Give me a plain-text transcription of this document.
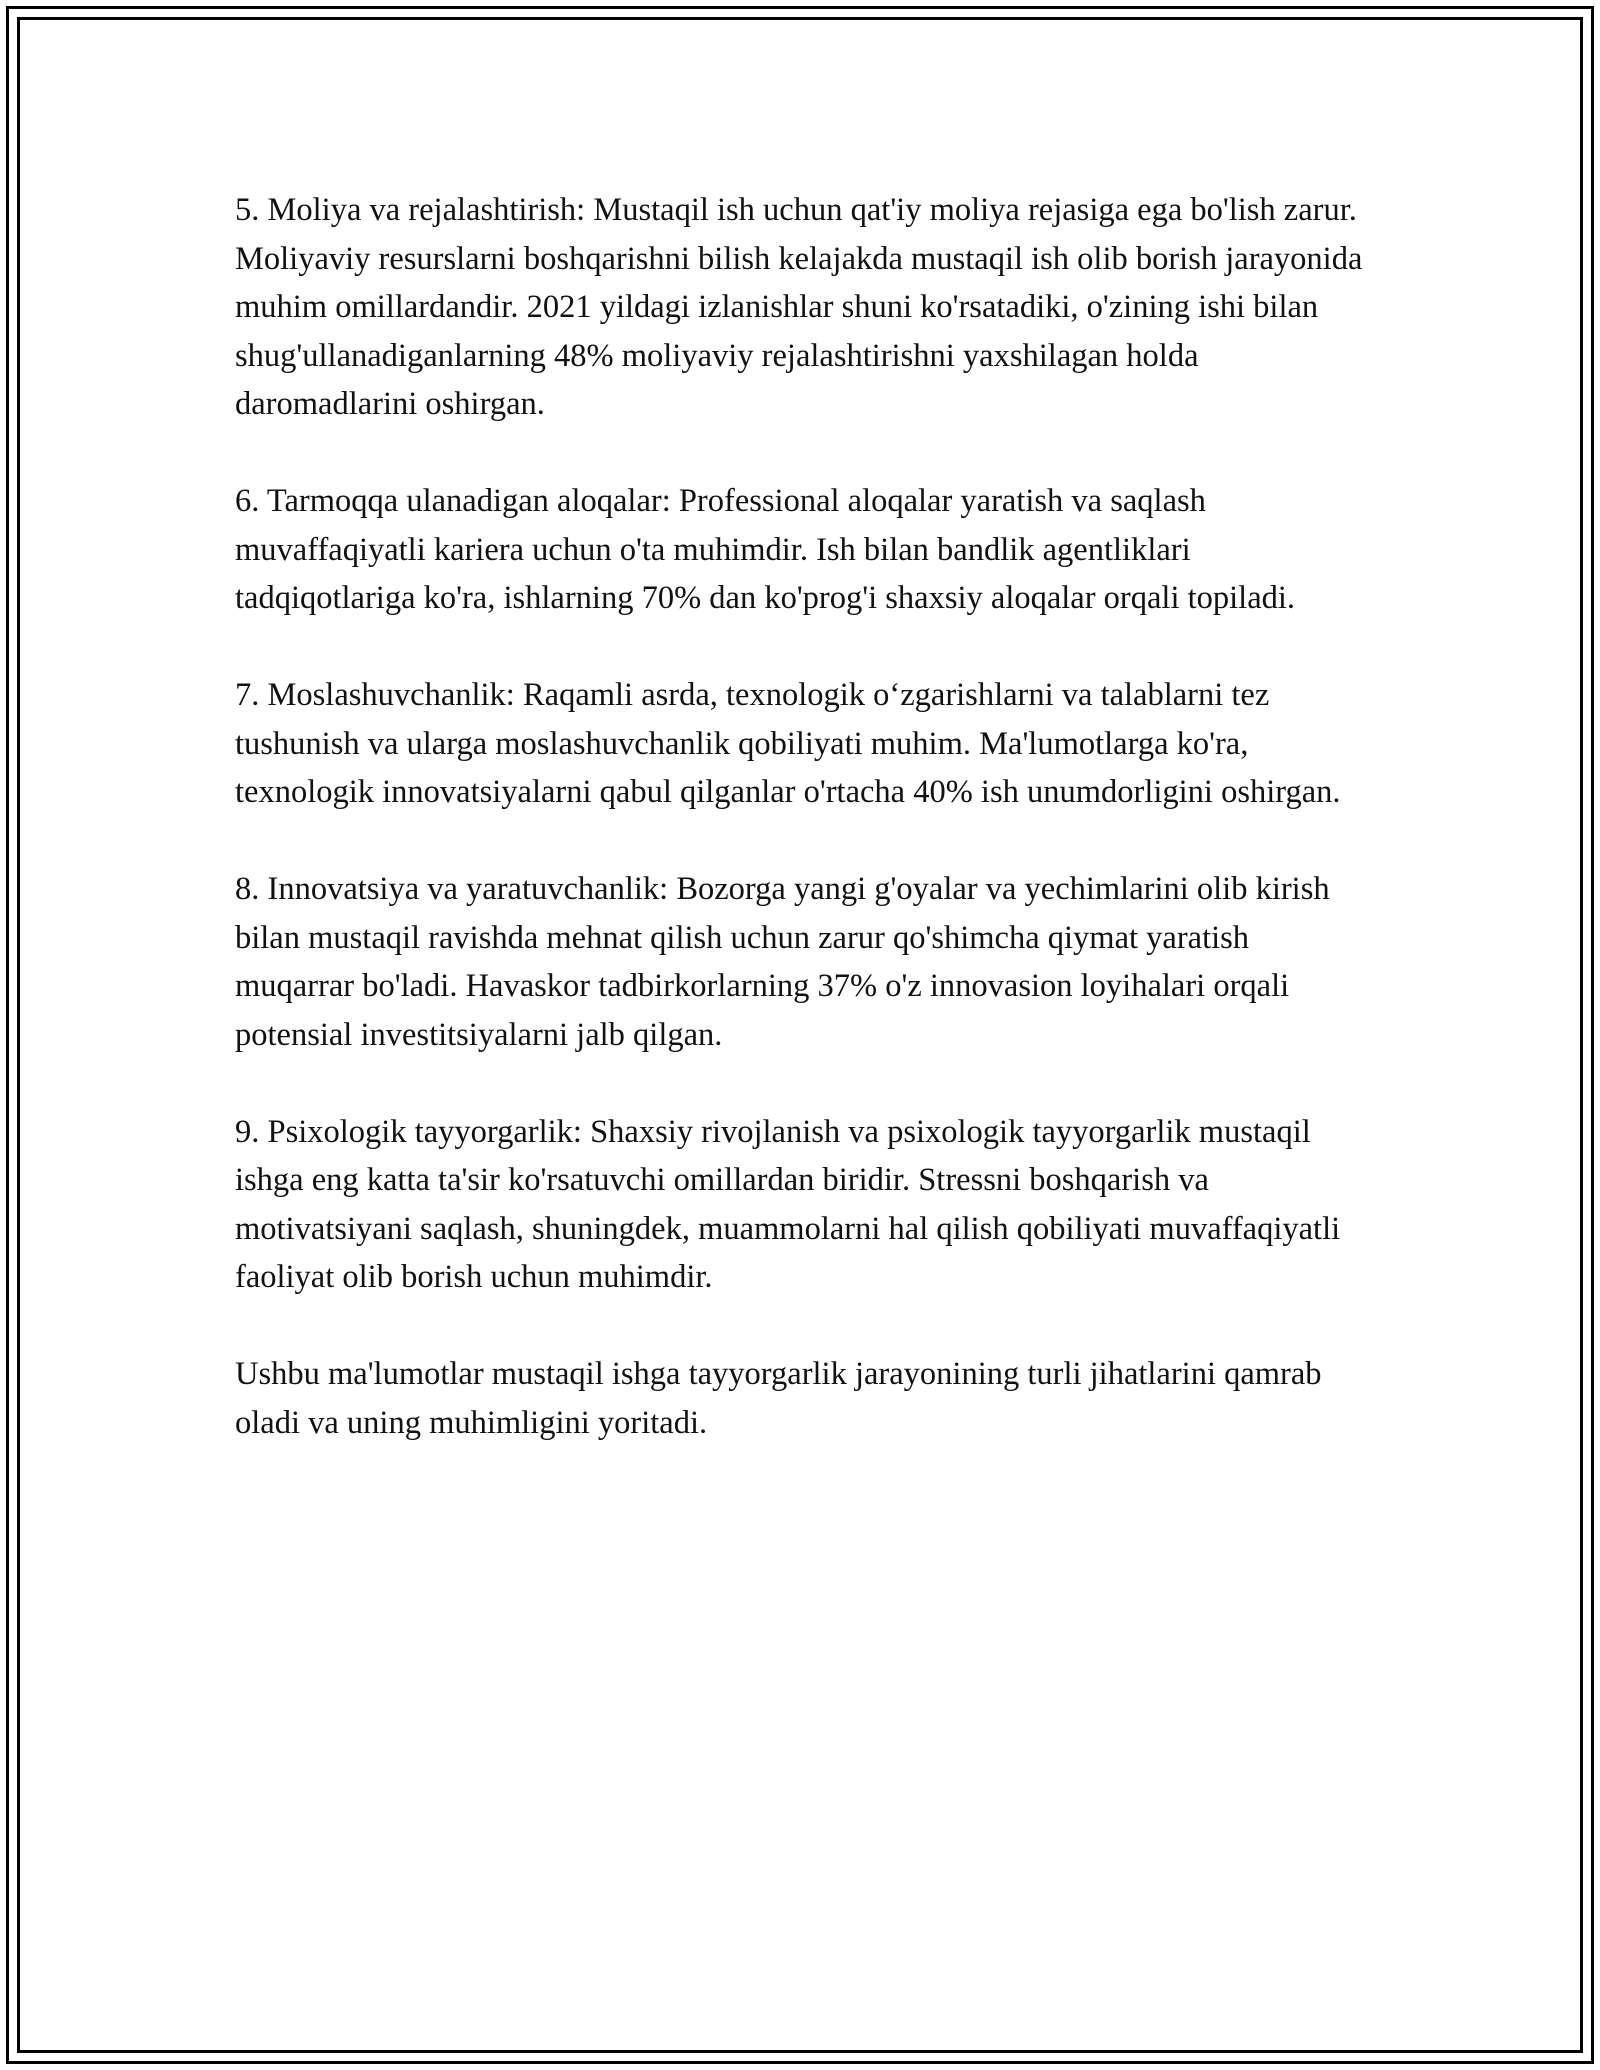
5. Moliya va rejalashtirish: Mustaqil ish uchun qat'iy moliya rejasiga ega bo'lish zarur. Moliyaviy resurslarni boshqarishni bilish kelajakda mustaqil ish olib borish jarayonida muhim omillardandir. 2021 yildagi izlanishlar shuni ko'rsatadiki, o'zining ishi bilan shug'ullanadiganlarning 48% moliyaviy rejalashtirishni yaxshilagan holda daromadlarini oshirgan.

6. Tarmoqqa ulanadigan aloqalar: Professional aloqalar yaratish va saqlash muvaffaqiyatli kariera uchun o'ta muhimdir. Ish bilan bandlik agentliklari tadqiqotlariga ko'ra, ishlarning 70% dan ko'prog'i shaxsiy aloqalar orqali topiladi.

7. Moslashuvchanlik: Raqamli asrda, texnologik o‘zgarishlarni va talablarni tez tushunish va ularga moslashuvchanlik qobiliyati muhim. Ma'lumotlarga ko'ra, texnologik innovatsiyalarni qabul qilganlar o'rtacha 40% ish unumdorligini oshirgan.

8. Innovatsiya va yaratuvchanlik: Bozorga yangi g'oyalar va yechimlarini olib kirish bilan mustaqil ravishda mehnat qilish uchun zarur qo'shimcha qiymat yaratish muqarrar bo'ladi. Havaskor tadbirkorlarning 37% o'z innovasion loyihalari orqali potensial investitsiyalarni jalb qilgan.

9. Psixologik tayyorgarlik: Shaxsiy rivojlanish va psixologik tayyorgarlik mustaqil ishga eng katta ta'sir ko'rsatuvchi omillardan biridir. Stressni boshqarish va motivatsiyani saqlash, shuningdek, muammolarni hal qilish qobiliyati muvaffaqiyatli faoliyat olib borish uchun muhimdir.

Ushbu ma'lumotlar mustaqil ishga tayyorgarlik jarayonining turli jihatlarini qamrab oladi va uning muhimligini yoritadi.
